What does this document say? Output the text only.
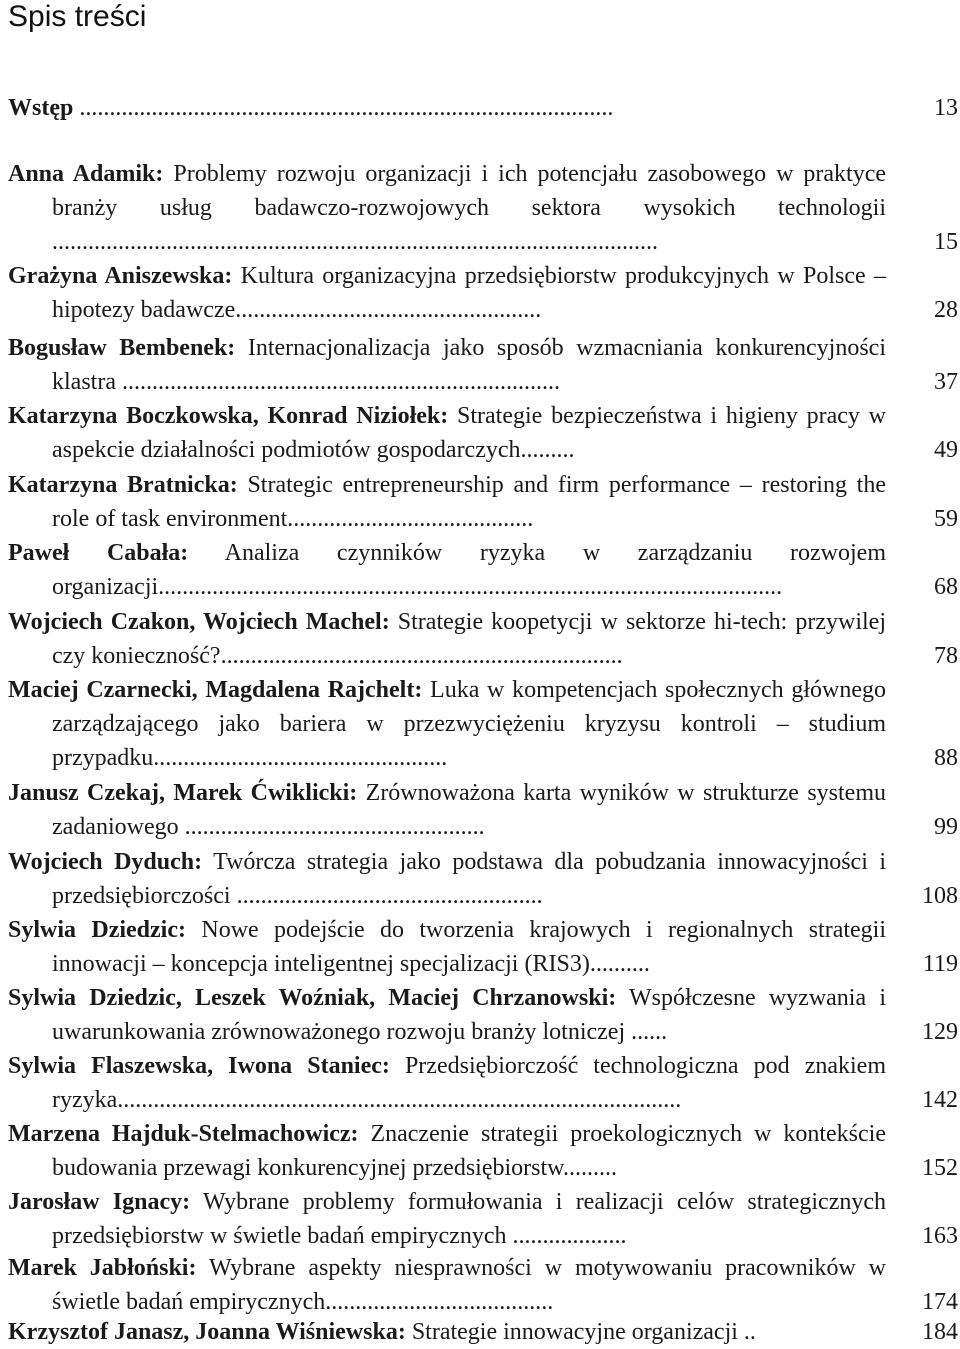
Spis treści
Wstęp .........................................................................................	13
Anna Adamik: Problemy rozwoju organizacji i ich potencjału zasobowego w praktyce branży usług badawczo-rozwojowych sektora wysokich technologii .....................................................................................................	15
Grażyna Aniszewska: Kultura organizacyjna przedsiębiorstw produkcyjnych w Polsce – hipotezy badawcze...................................................	28
Bogusław Bembenek: Internacjonalizacja jako sposób wzmacniania konkurencyjności klastra .........................................................................	37
Katarzyna Boczkowska, Konrad Niziołek: Strategie bezpieczeństwa i higieny pracy w aspekcie działalności podmiotów gospodarczych.........	49
Katarzyna Bratnicka: Strategic entrepreneurship and firm performance – restoring the role of task environment.........................................	59
Paweł Cabała: Analiza czynników ryzyka w zarządzaniu rozwojem organizacji........................................................................................................	68
Wojciech Czakon, Wojciech Machel: Strategie koopetycji w sektorze hi-tech: przywilej czy konieczność?...................................................................	78
Maciej Czarnecki, Magdalena Rajchelt: Luka w kompetencjach społecznych głównego zarządzającego jako bariera w przezwyciężeniu kryzysu kontroli – studium przypadku.................................................	88
Janusz Czekaj, Marek Ćwiklicki: Zrównoważona karta wyników w strukturze systemu zadaniowego ..................................................	99
Wojciech Dyduch: Twórcza strategia jako podstawa dla pobudzania innowacyjności i przedsiębiorczości ...................................................	108
Sylwia Dziedzic: Nowe podejście do tworzenia krajowych i regionalnych strategii innowacji – koncepcja inteligentnej specjalizacji (RIS3)..........	119
Sylwia Dziedzic, Leszek Woźniak, Maciej Chrzanowski: Współczesne wyzwania i uwarunkowania zrównoważonego rozwoju branży lotniczej ......	129
Sylwia Flaszewska, Iwona Staniec: Przedsiębiorczość technologiczna pod znakiem ryzyka..............................................................................................	142
Marzena Hajduk-Stelmachowicz: Znaczenie strategii proekologicznych w kontekście budowania przewagi konkurencyjnej przedsiębiorstw.........	152
Jarosław Ignacy: Wybrane problemy formułowania i realizacji celów strategicznych przedsiębiorstw w świetle badań empirycznych ...................	163
Marek Jabłoński: Wybrane aspekty niesprawności w motywowaniu pracowników w świetle badań empirycznych......................................	174
Krzysztof Janasz, Joanna Wiśniewska: Strategie innowacyjne organizacji ..	184
